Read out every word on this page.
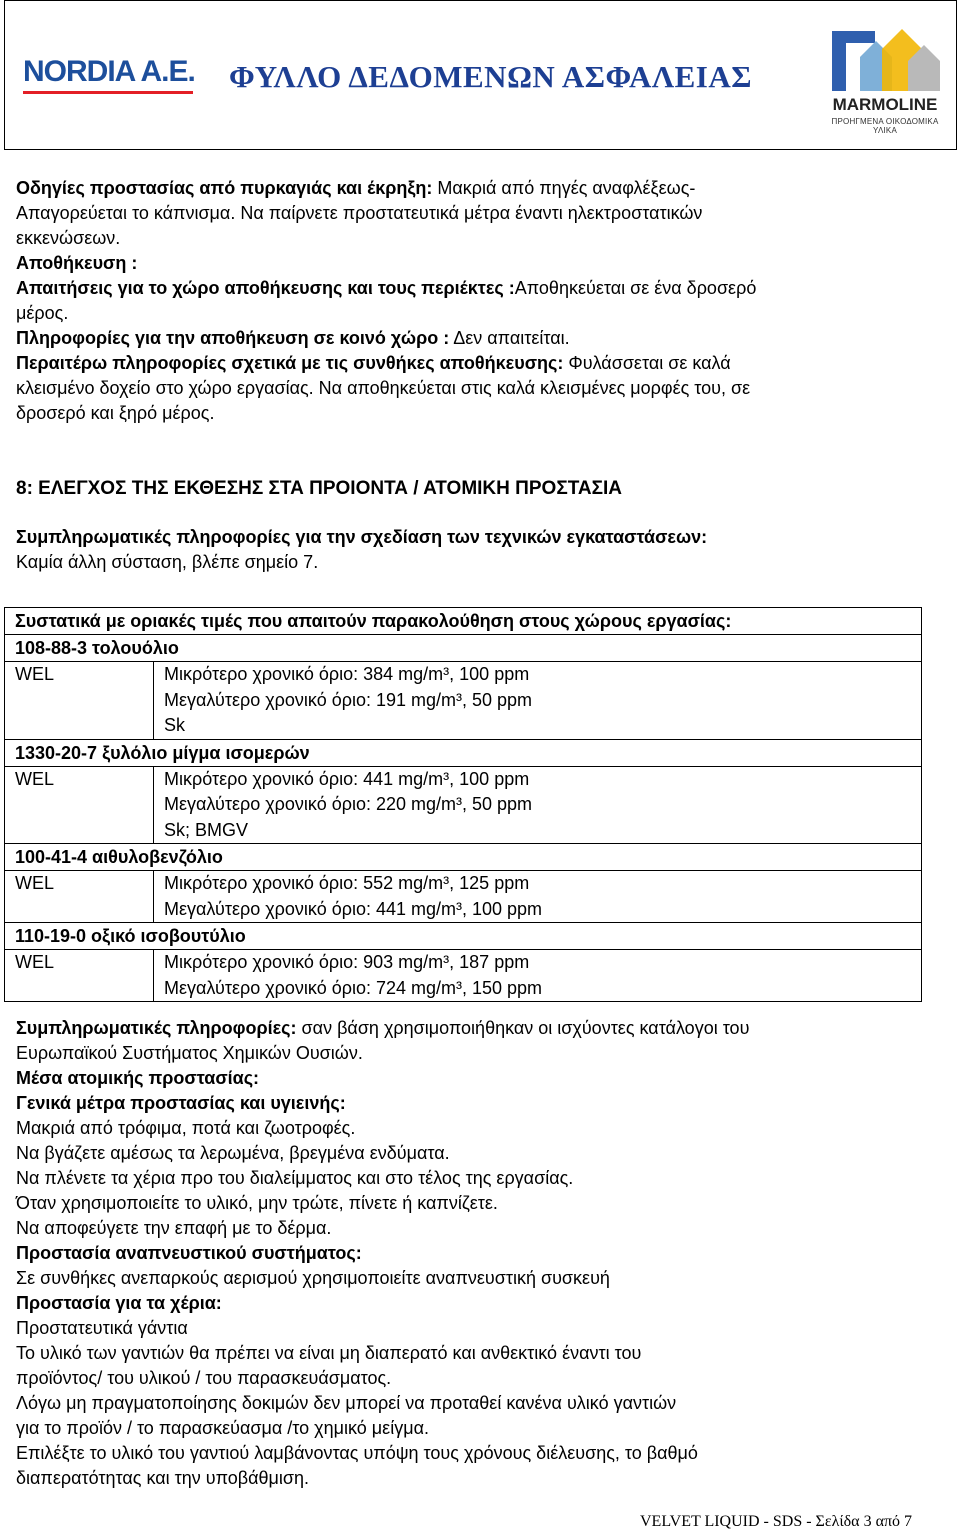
NORDIA A.E. ΦΥΛΛΟ ΔΕΔΟΜΕΝΩΝ ΑΣΦΑΛΕΙΑΣ
MARMOLINE
ΠΡΟΗΓΜΕΝΑ ΟΙΚΟΔΟΜΙΚΑ ΥΛΙΚΑ

Οδηγίες προστασίας από πυρκαγιάς και έκρηξη: Μακριά από πηγές αναφλέξεως-
Απαγορεύεται το κάπνισμα. Να παίρνετε προστατευτικά μέτρα έναντι ηλεκτροστατικών
εκκενώσεων.

Αποθήκευση :

Απαιτήσεις για το χώρο αποθήκευσης και τους περιέκτες :Αποθηκεύεται σε ένα δροσερό
μέρος.

Πληροφορίες για την αποθήκευση σε κοινό χώρο : Δεν απαιτείται.

Περαιτέρω πληροφορίες σχετικά με τις συνθήκες αποθήκευσης: Φυλάσσεται σε καλά
κλεισμένο δοχείο στο χώρο εργασίας. Να αποθηκεύεται στις καλά κλεισμένες μορφές του, σε
δροσερό και ξηρό μέρος.

8: ΕΛΕΓΧΟΣ ΤΗΣ ΕΚΘΕΣΗΣ ΣΤΑ ΠΡΟΙΟΝΤΑ / ΑΤΟΜΙΚΗ ΠΡΟΣΤΑΣΙΑ

Συμπληρωματικές πληροφορίες για την σχεδίαση των τεχνικών εγκαταστάσεων:

Καμία άλλη σύσταση, βλέπε σημείο 7.

Συστατικά με οριακές τιμές που απαιτούν παρακολούθηση στους χώρους εργασίας:	
108-88-3 τολουόλιο	
WEL	Μικρότερο χρονικό όριο: 384 mg/m³, 100 ppm
Μεγαλύτερο χρονικό όριο: 191 mg/m³, 50 ppm
Sk

1330-20-7 ξυλόλιο μίγμα ισομερών	
WEL	Μικρότερο χρονικό όριο: 441 mg/m³, 100 ppm
Μεγαλύτερο χρονικό όριο: 220 mg/m³, 50 ppm
Sk; BMGV

100-41-4 αιθυλοβενζόλιο	
WEL	Μικρότερο χρονικό όριο: 552 mg/m³, 125 ppm
Μεγαλύτερο χρονικό όριο: 441 mg/m³, 100 ppm

110-19-0 οξικό ισοβουτύλιο	
WEL	Μικρότερο χρονικό όριο: 903 mg/m³, 187 ppm
Μεγαλύτερο χρονικό όριο: 724 mg/m³, 150 ppm

Συμπληρωματικές πληροφορίες: σαν βάση χρησιμοποιήθηκαν οι ισχύοντες κατάλογοι του
Ευρωπαϊκού Συστήματος Χημικών Ουσιών.

Μέσα ατομικής προστασίας:

Γενικά μέτρα προστασίας και υγιεινής:

Μακριά από τρόφιμα, ποτά και ζωοτροφές.

Να βγάζετε αμέσως τα λερωμένα, βρεγμένα ενδύματα.

Να πλένετε τα χέρια προ του διαλείμματος και στο τέλος της εργασίας.

Όταν χρησιμοποιείτε το υλικό, μην τρώτε, πίνετε ή καπνίζετε.

Να αποφεύγετε την επαφή με το δέρμα.

Προστασία αναπνευστικού συστήματος:

Σε συνθήκες ανεπαρκούς αερισμού χρησιμοποιείτε αναπνευστική συσκευή

Προστασία για τα χέρια:

Προστατευτικά γάντια

Το υλικό των γαντιών θα πρέπει να είναι μη διαπερατό και ανθεκτικό έναντι του

προϊόντος/ του υλικού / του παρασκευάσματος.

Λόγω μη πραγματοποίησης δοκιμών δεν μπορεί να προταθεί κανένα υλικό γαντιών

για το προϊόν / το παρασκεύασμα /το χημικό μείγμα.

Επιλέξτε το υλικό του γαντιού λαμβάνοντας υπόψη τους χρόνους διέλευσης, το βαθμό

διαπερατότητας και την υποβάθμιση.

VELVET LIQUID - SDS - Σελίδα 3 από 7
